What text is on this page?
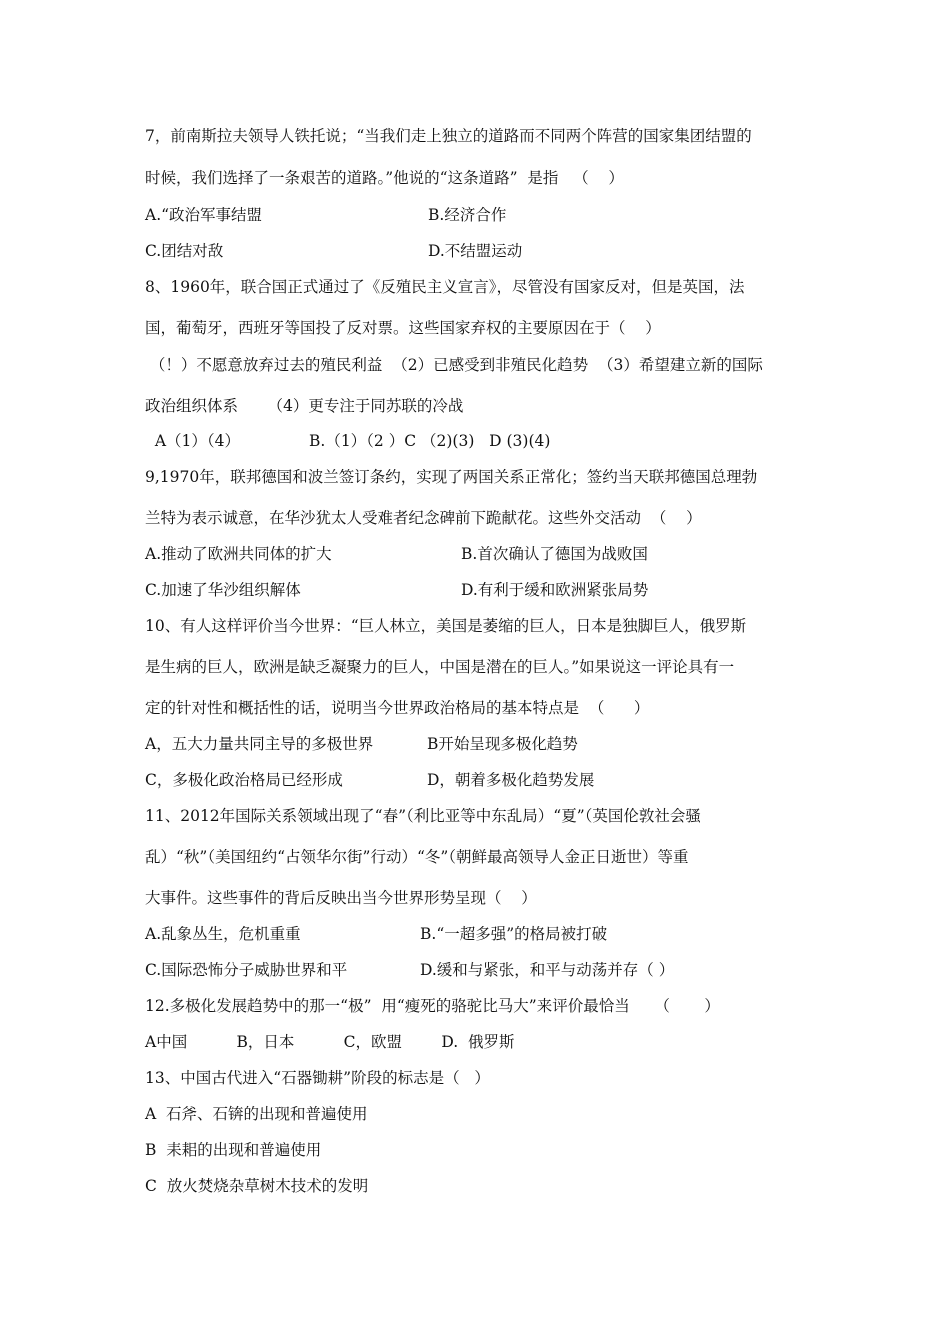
7，前南斯拉夫领导人铁托说；“当我们走上独立的道路而不同两个阵营的国家集团结盟的
时候，我们选择了一条艰苦的道路。”他说的“这条道路”  是指   （    ）
A.“政治军事结盟	B.经济合作
C.团结对敌	D.不结盟运动
8、1960年，联合国正式通过了《反殖民主义宣言》，尽管没有国家反对，但是英国，法
国，葡萄牙，西班牙等国投了反对票。这些国家弃权的主要原因在于（    ）
（！）不愿意放弃过去的殖民利益  （2）已感受到非殖民化趋势  （3）希望建立新的国际
政治组织体系      （4）更专注于同苏联的冷战
A（1）（4）              B.（1）（2 ）C （2)(3)   D (3)(4)
9,1970年，联邦德国和波兰签订条约，实现了两国关系正常化；签约当天联邦德国总理勃
兰特为表示诚意，在华沙犹太人受难者纪念碑前下跪献花。这些外交活动  （    ）
A.推动了欧洲共同体的扩大	B.首次确认了德国为战败国
C.加速了华沙组织解体	D.有利于缓和欧洲紧张局势
10、有人这样评价当今世界：“巨人林立，美国是萎缩的巨人，日本是独脚巨人，俄罗斯
是生病的巨人，欧洲是缺乏凝聚力的巨人，中国是潜在的巨人。”如果说这一评论具有一
定的针对性和概括性的话，说明当今世界政治格局的基本特点是  （      ）
A，五大力量共同主导的多极世界	B开始呈现多极化趋势
C，多极化政治格局已经形成	D，朝着多极化趋势发展
11、2012年国际关系领域出现了“春”（利比亚等中东乱局）“夏”（英国伦敦社会骚
乱）“秋”（美国纽约“占领华尔街”行动）“冬”（朝鲜最高领导人金正日逝世）等重
大事件。这些事件的背后反映出当今世界形势呈现（    ）
A.乱象丛生，危机重重	B.“一超多强”的格局被打破
C.国际恐怖分子威胁世界和平	D.缓和与紧张，和平与动荡并存（ ）
12.多极化发展趋势中的那一“极”  用“瘦死的骆驼比马大”来评价最恰当     （       ）
A中国          B，日本          C，欧盟        D.  俄罗斯
13、中国古代进入“石器锄耕”阶段的标志是（   ）
A  石斧、石锛的出现和普遍使用
B  耒耜的出现和普遍使用
C  放火焚烧杂草树木技术的发明
